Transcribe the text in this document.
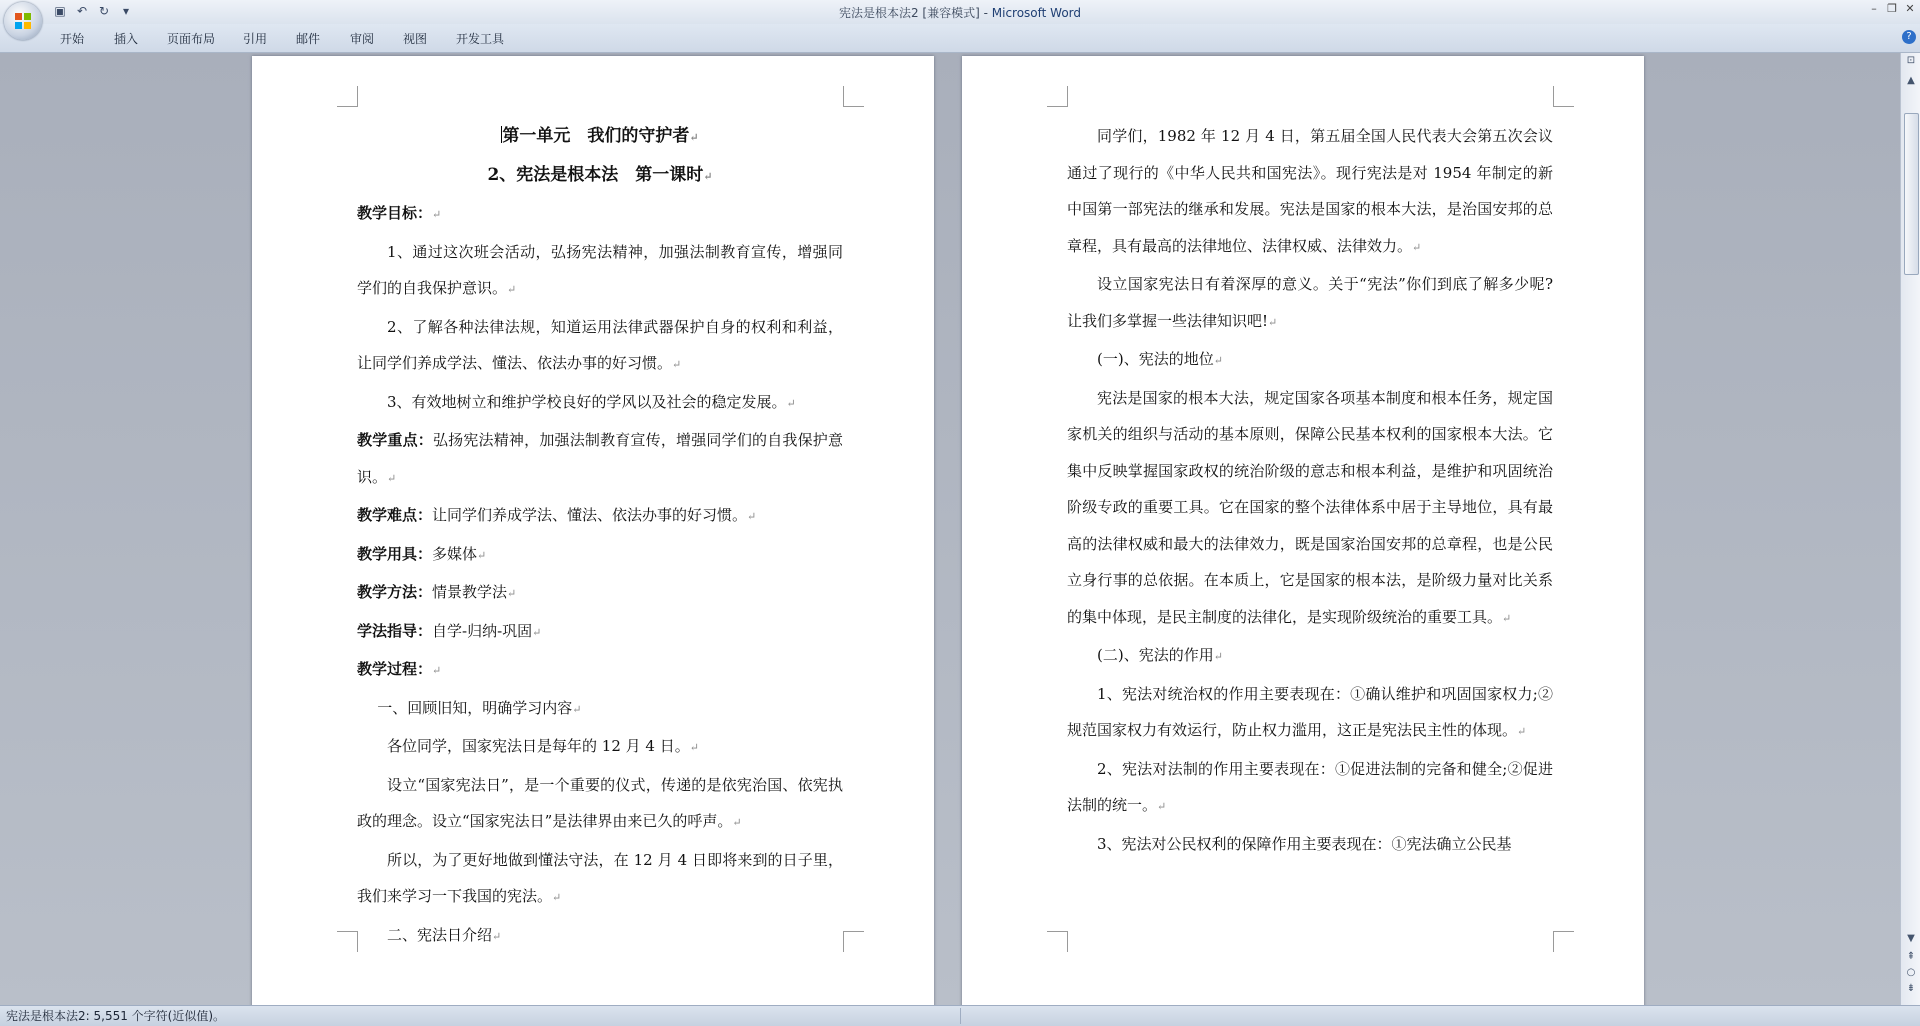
▣ ↶ ↻	▾	宪法是根本法2 [兼容模式] - Microsoft Word	– ❐ ✕
开始 插入 页面布局 引用 邮件 审阅 视图 开发工具	?

第一单元　我们的守护者↵

2、宪法是根本法　第一课时↵

教学目标：↵

1、通过这次班会活动，弘扬宪法精神，加强法制教育宣传，增强同学们的自我保护意识。↵

2、了解各种法律法规，知道运用法律武器保护自身的权利和利益，让同学们养成学法、懂法、依法办事的好习惯。↵

3、有效地树立和维护学校良好的学风以及社会的稳定发展。↵

教学重点：弘扬宪法精神，加强法制教育宣传，增强同学们的自我保护意识。↵

教学难点：让同学们养成学法、懂法、依法办事的好习惯。↵

教学用具：多媒体↵

教学方法：情景教学法↵

学法指导：自学-归纳-巩固↵

教学过程：↵

一、回顾旧知，明确学习内容↵

各位同学，国家宪法日是每年的 12 月 4 日。↵

设立“国家宪法日”，是一个重要的仪式，传递的是依宪治国、依宪执政的理念。设立“国家宪法日”是法律界由来已久的呼声。↵

所以，为了更好地做到懂法守法，在 12 月 4 日即将来到的日子里，我们来学习一下我国的宪法。↵

二、宪法日介绍↵

同学们，1982 年 12 月 4 日，第五届全国人民代表大会第五次会议通过了现行的《中华人民共和国宪法》。现行宪法是对 1954 年制定的新中国第一部宪法的继承和发展。宪法是国家的根本大法，是治国安邦的总章程，具有最高的法律地位、法律权威、法律效力。↵

设立国家宪法日有着深厚的意义。关于“宪法”你们到底了解多少呢?让我们多掌握一些法律知识吧!↵

(一)、宪法的地位↵

宪法是国家的根本大法，规定国家各项基本制度和根本任务，规定国家机关的组织与活动的基本原则，保障公民基本权利的国家根本大法。它集中反映掌握国家政权的统治阶级的意志和根本利益，是维护和巩固统治阶级专政的重要工具。它在国家的整个法律体系中居于主导地位，具有最高的法律权威和最大的法律效力，既是国家治国安邦的总章程，也是公民立身行事的总依据。在本质上，它是国家的根本法，是阶级力量对比关系的集中体现，是民主制度的法律化，是实现阶级统治的重要工具。↵

(二)、宪法的作用↵

1、宪法对统治权的作用主要表现在：①确认维护和巩固国家权力;②规范国家权力有效运行，防止权力滥用，这正是宪法民主性的体现。↵

2、宪法对法制的作用主要表现在：①促进法制的完备和健全;②促进法制的统一。↵

3、宪法对公民权利的保障作用主要表现在：①宪法确立公民基

⊡
▲
▼
⇞
○
⇟
宪法是根本法2: 5,551 个字符(近似值)。
